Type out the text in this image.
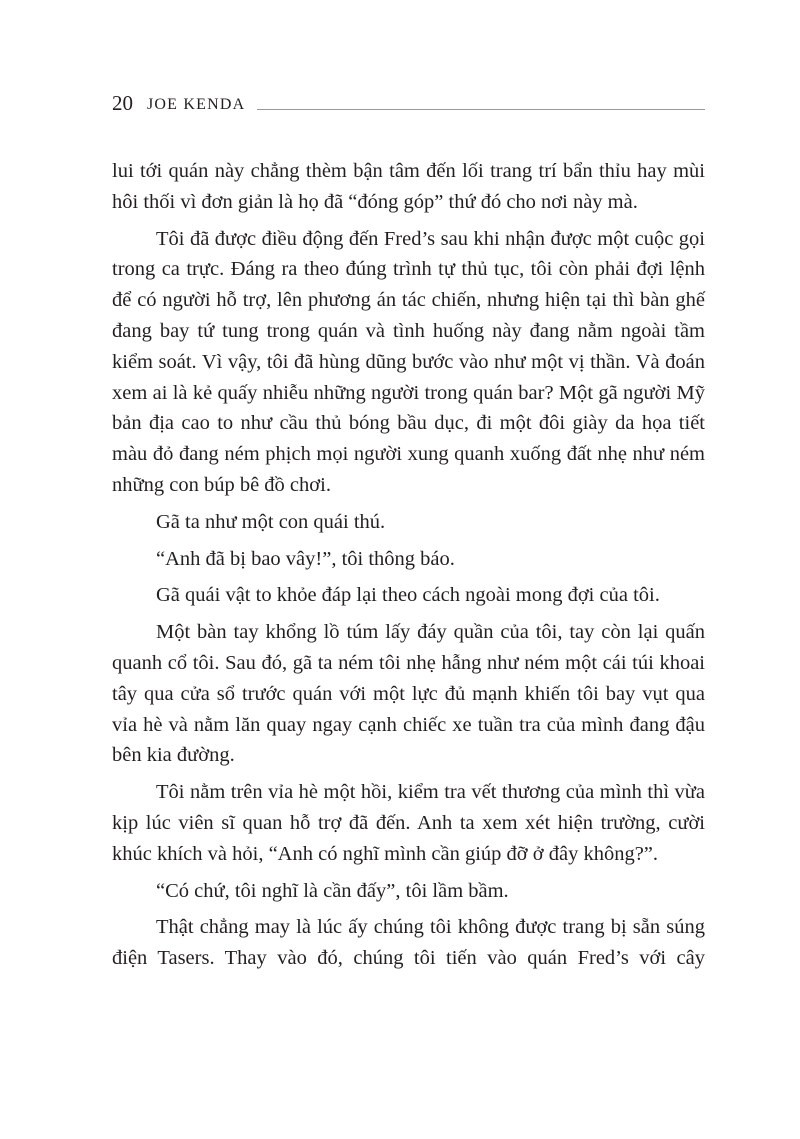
20 JOE KENDA

lui tới quán này chẳng thèm bận tâm đến lối trang trí bẩn thỉu hay mùi hôi thối vì đơn giản là họ đã “đóng góp” thứ đó cho nơi này mà.

Tôi đã được điều động đến Fred’s sau khi nhận được một cuộc gọi trong ca trực. Đáng ra theo đúng trình tự thủ tục, tôi còn phải đợi lệnh để có người hỗ trợ, lên phương án tác chiến, nhưng hiện tại thì bàn ghế đang bay tứ tung trong quán và tình huống này đang nằm ngoài tầm kiểm soát. Vì vậy, tôi đã hùng dũng bước vào như một vị thần. Và đoán xem ai là kẻ quấy nhiễu những người trong quán bar? Một gã người Mỹ bản địa cao to như cầu thủ bóng bầu dục, đi một đôi giày da họa tiết màu đỏ đang ném phịch mọi người xung quanh xuống đất nhẹ như ném những con búp bê đồ chơi.

Gã ta như một con quái thú.

“Anh đã bị bao vây!”, tôi thông báo.

Gã quái vật to khỏe đáp lại theo cách ngoài mong đợi của tôi.

Một bàn tay khổng lồ túm lấy đáy quần của tôi, tay còn lại quấn quanh cổ tôi. Sau đó, gã ta ném tôi nhẹ hẫng như ném một cái túi khoai tây qua cửa sổ trước quán với một lực đủ mạnh khiến tôi bay vụt qua vỉa hè và nằm lăn quay ngay cạnh chiếc xe tuần tra của mình đang đậu bên kia đường.

Tôi nằm trên vỉa hè một hồi, kiểm tra vết thương của mình thì vừa kịp lúc viên sĩ quan hỗ trợ đã đến. Anh ta xem xét hiện trường, cười khúc khích và hỏi, “Anh có nghĩ mình cần giúp đỡ ở đây không?”.

“Có chứ, tôi nghĩ là cần đấy”, tôi lầm bầm.

Thật chẳng may là lúc ấy chúng tôi không được trang bị sẵn súng điện Tasers. Thay vào đó, chúng tôi tiến vào quán Fred’s với cây
